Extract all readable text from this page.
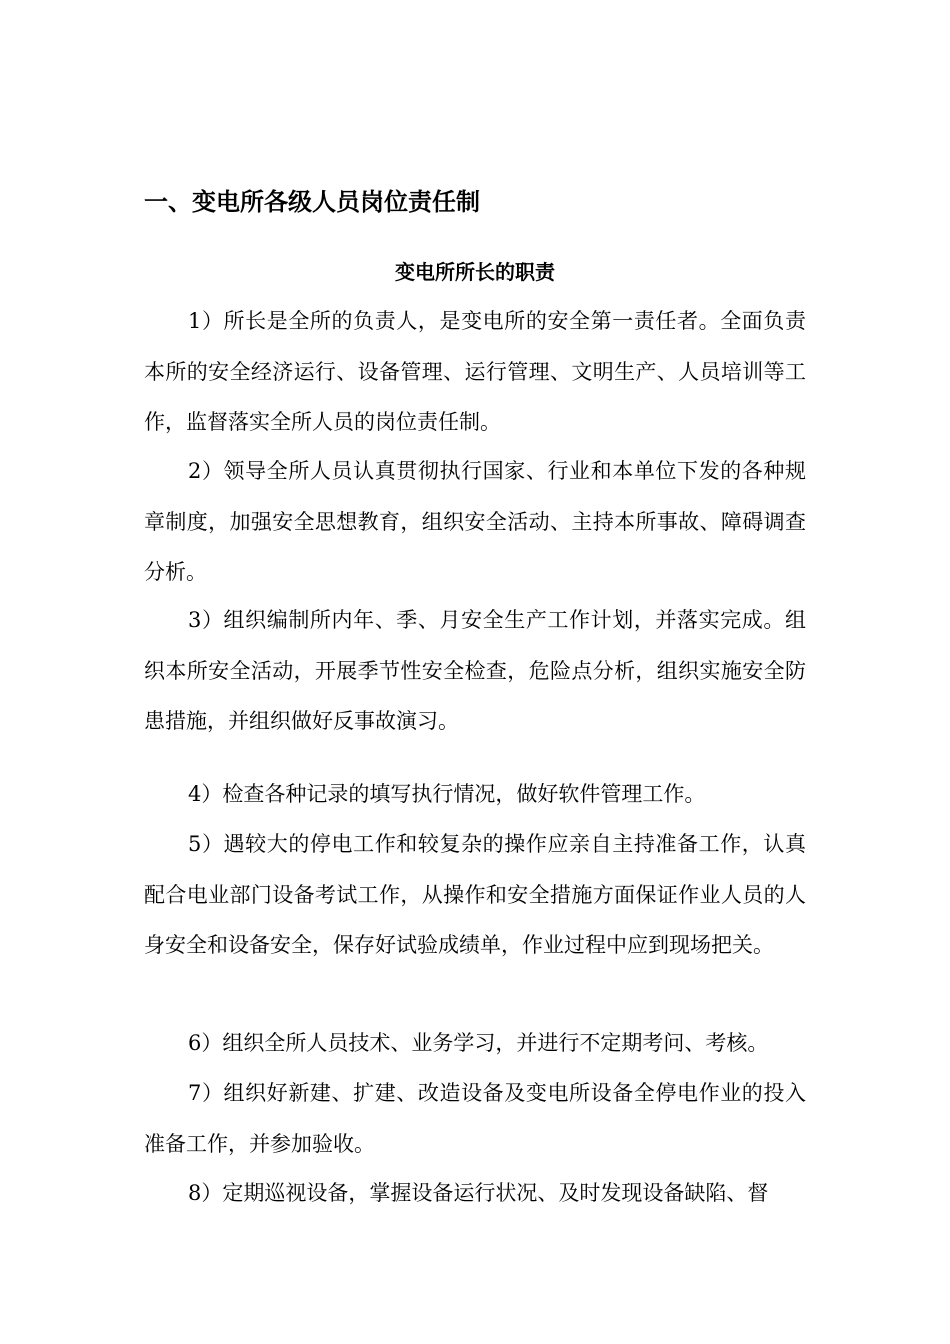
一、变电所各级人员岗位责任制
变电所所长的职责

1）所长是全所的负责人，是变电所的安全第一责任者。全面负责本所的安全经济运行、设备管理、运行管理、文明生产、人员培训等工作，监督落实全所人员的岗位责任制。

2）领导全所人员认真贯彻执行国家、行业和本单位下发的各种规章制度，加强安全思想教育，组织安全活动、主持本所事故、障碍调查分析。

3）组织编制所内年、季、月安全生产工作计划，并落实完成。组织本所安全活动，开展季节性安全检查，危险点分析，组织实施安全防患措施，并组织做好反事故演习。

4）检查各种记录的填写执行情况，做好软件管理工作。

5）遇较大的停电工作和较复杂的操作应亲自主持准备工作，认真配合电业部门设备考试工作，从操作和安全措施方面保证作业人员的人身安全和设备安全，保存好试验成绩单，作业过程中应到现场把关。

6）组织全所人员技术、业务学习，并进行不定期考问、考核。

7）组织好新建、扩建、改造设备及变电所设备全停电作业的投入准备工作，并参加验收。

8）定期巡视设备，掌握设备运行状况、及时发现设备缺陷、督
